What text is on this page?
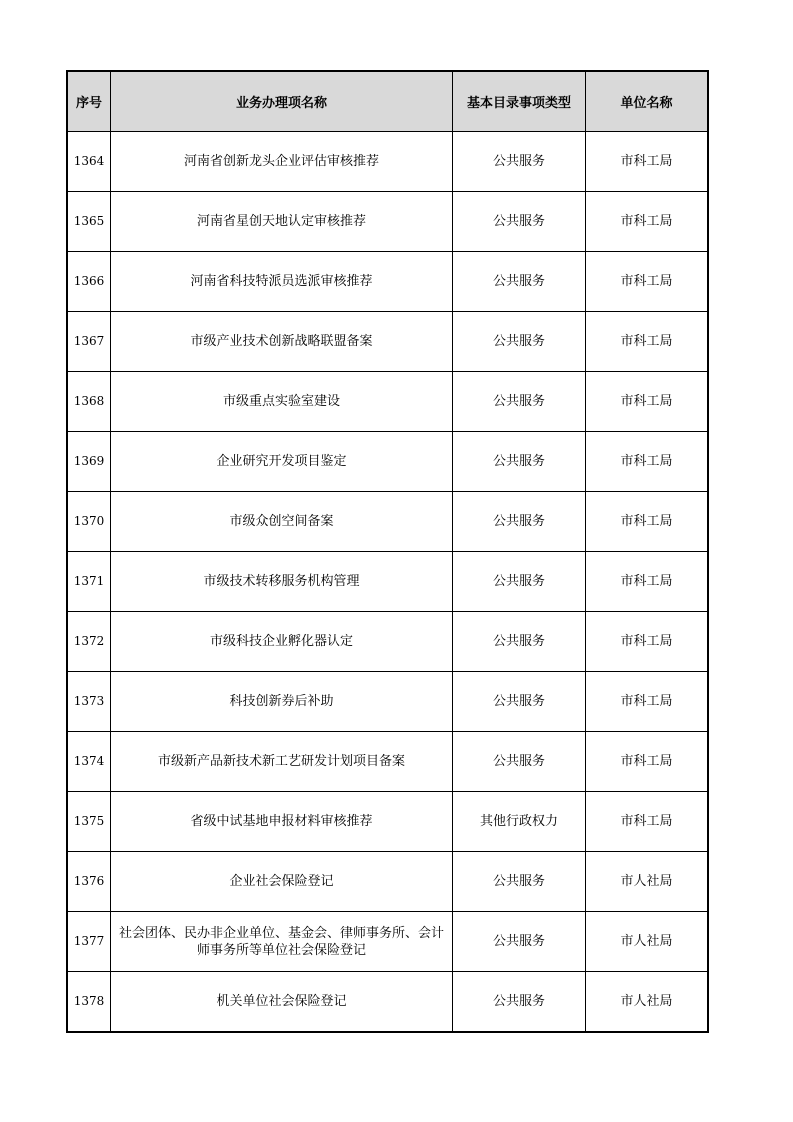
序号	业务办理项名称	基本目录事项类型	单位名称
1364	河南省创新龙头企业评估审核推荐	公共服务	市科工局
1365	河南省星创天地认定审核推荐	公共服务	市科工局
1366	河南省科技特派员选派审核推荐	公共服务	市科工局
1367	市级产业技术创新战略联盟备案	公共服务	市科工局
1368	市级重点实验室建设	公共服务	市科工局
1369	企业研究开发项目鉴定	公共服务	市科工局
1370	市级众创空间备案	公共服务	市科工局
1371	市级技术转移服务机构管理	公共服务	市科工局
1372	市级科技企业孵化器认定	公共服务	市科工局
1373	科技创新券后补助	公共服务	市科工局
1374	市级新产品新技术新工艺研发计划项目备案	公共服务	市科工局
1375	省级中试基地申报材料审核推荐	其他行政权力	市科工局
1376	企业社会保险登记	公共服务	市人社局
1377	社会团体、民办非企业单位、基金会、律师事务所、会计师事务所等单位社会保险登记	公共服务	市人社局
1378	机关单位社会保险登记	公共服务	市人社局
